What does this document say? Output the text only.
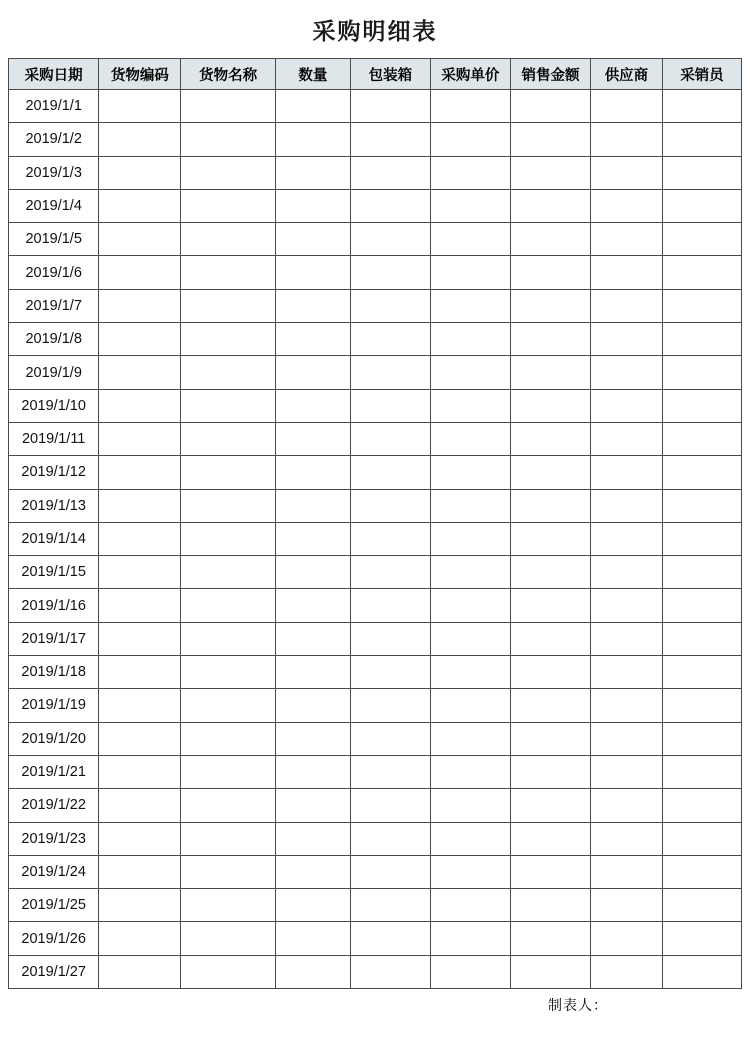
采购明细表
采购日期	货物编码	货物名称	数量	包装箱	采购单价	销售金额	供应商	采销员
2019/1/1								
2019/1/2								
2019/1/3								
2019/1/4								
2019/1/5								
2019/1/6								
2019/1/7								
2019/1/8								
2019/1/9								
2019/1/10								
2019/1/11								
2019/1/12								
2019/1/13								
2019/1/14								
2019/1/15								
2019/1/16								
2019/1/17								
2019/1/18								
2019/1/19								
2019/1/20								
2019/1/21								
2019/1/22								
2019/1/23								
2019/1/24								
2019/1/25								
2019/1/26								
2019/1/27								
制表人：
